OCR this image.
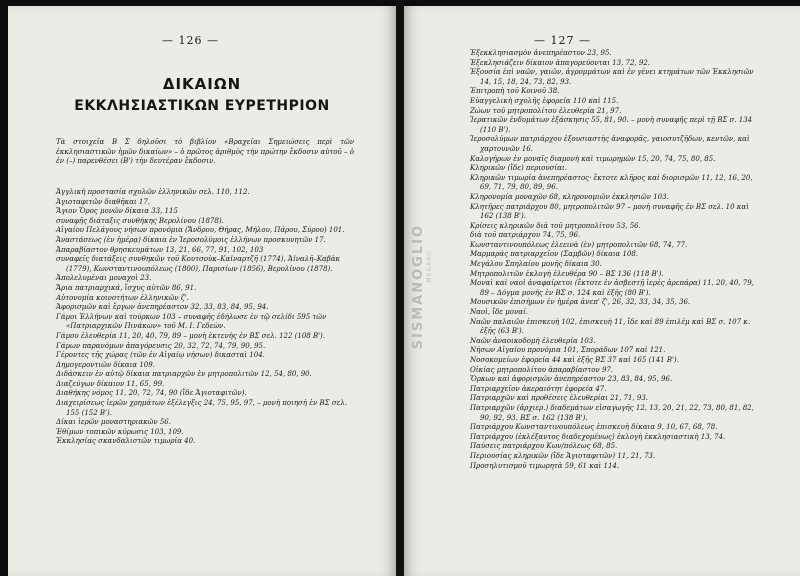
— 126 —
ΔΙΚΑΙΩΝ
ΕΚΚΛΗΣΙΑΣΤΙΚΩΝ ΕΥΡΕΤΗΡΙΟΝ
Τὰ στοιχεῖα Β Σ δηλοῦσι τὸ βιβλίον «Βραχεῖαι Σημειώσεις περὶ τῶν ἐκκλησιαστικῶν ἡμῶν δικαίων» – ὁ πρῶτος ἀριθμὸς τὴν πρώτην ἔκδοσιν αὐτοῦ – ὁ ἐν (–) παρενθέσει (Β') τὴν δευτέραν ἔκδοσιν.
Ἀγγλικὴ προστασία σχολῶν ἑλληνικῶν σελ. 110, 112.
Ἁγιοταφιτῶν διαθῆκαι 17.
Ἅγιον Ὄρος μονῶν δίκαια 33, 115
συναφῆς διάταξις συνθήκης Βερολίνου (1878).
Αἰγαίου Πελάγους νήσων προνόμια (Ἄνδρου, Θήρας, Μήλου, Πάρου, Σύρου) 101.
Ἀναστάσεως (ἐν ἡμέρᾳ) δίκαια ἐν Ἱεροσολύμοις ἑλλήνων προσκυνητῶν 17.
Ἀπαραβίαστον θρησκευμάτων 13, 21, 66, 77, 91, 102, 103
συναφεῖς διατάξεις συνθηκῶν τοῦ Κουτσοὺκ–Καϊναρτζῆ (1774), Ἀϊναλῆ–Καβὰκ (1779), Κωνσταντινουπόλεως (1800), Παρισίων (1856), Βερολίνου (1878).
Ἀπολελυμέναι μοναχοὶ 23.
Ἄρια πατριαρχικά, ἴσχυς αὐτῶν 86, 91.
Αὐτονομία κοινοτήτων ἑλληνικῶν ζ'.
Ἀφορισμῶν καὶ ἔργων ἀνεπηρέαστον 32, 33, 83, 84, 95, 94.
Γάμοι Ἑλλήνων καὶ τούρκων 103 – συναφῆς ἐδήλωσε ἐν τῷ σελίδι 595 τῶν «Πατριαρχικῶν Πινάκων» τοῦ Μ. Ι. Γεδεὼν.
Γάμου ἐλευθερία 11, 20, 40, 79, 89 – μονὴ ἐκτενὴς ἐν ΒΣ σελ. 122 (108 Β').
Γάμων παρανόμων ἀπαγόρευσις 20, 32, 72, 74, 79, 90, 95.
Γέροντες τῆς χώρας (τῶν ἐν Αἰγαίῳ νήσων) δικασταὶ 104.
Δημογεροντιῶν δίκαια 109.
Διδάσκειν ἐν αὐτῷ δίκαια πατριαρχῶν ἐν μητροπολιτῶν 12, 54, 80, 90.
Διαζεύγων δίκαιον 11, 65, 99.
Διαθήκης νόμος 11, 20, 72, 74, 90 (ἴδε Ἁγιοταφιτῶν).
Διαχειρίσεως ἱερῶν χρημάτων ἐξέλεγξις 24, 75, 95, 97, – μονὴ ποιησὴ ἐν ΒΣ σελ. 155 (152 Β').
Δίκαι ἱερῶν μοναστηριακῶν 56.
Ἐθίμων τοπικῶν κύρωσις 103, 109.
Ἐκκλησίας σκανδαλιστῶν τιμωρία 40.
SISMANOGLIO MEGARO
— 127 —
Ἐξεκκλησιασμὸν ἀνεπηρέαστον 23, 95.
Ἐξεκλησιάζειν δίκαιον ἀπαγορεύονται 13, 72, 92.
Ἐξουσία ἐπὶ ναῶν, γαιῶν, ἀγρομμάτων καὶ ἐν γένει κτημάτων τῶν Ἐκκλησιῶν 14, 15, 18, 24, 73, 82, 93.
Ἐπιτροπὴ τοῦ Κοινοῦ 38.
Εὐαγγελικὴ σχολῆς ἐφορεία 110 καὶ 115.
Ζώων τοῦ μητροπολίτου ἐλευθερία 21, 97.
Ἱερατικῶν ἐνδυμάτων ἐξάσκησις 55, 81, 90. – μονὴ συναφῆς περὶ τῇ ΒΣ σ. 134 (110 Β').
Ἱεροσολύμων πατριάρχου ἐξουσιαστὴς ἀναφορᾶς, γαιοσυτζῆδων, κεντῶν, καὶ χαρτουνῶν 16.
Καλογήρων ἐν μοναῖς διαμονὴ καὶ τιμωρημῶν 15, 20, 74, 75, 80, 85.
Κληρικῶν (ἴδε) περιουσίαι.
Κληρικῶν τιμωρία ἀνεπηρέαστος· ἔκτοτε κλῆρος καὶ διορισμῶν 11, 12, 16, 20, 69, 71, 79, 80, 89, 96.
Κληρονομία μοναχῶν 68, κληρονομιῶν ἐκκλησιῶν 103.
Κλητῆρες πατριάρχου 80, μητροπολιτῶν 97 – μονὴ συναφῆς ἐν ΒΣ σελ. 10 καὶ 162 (138 Β').
Κρίσεις κληρικῶν διὰ τοῦ μητροπολίτου 53, 56.
διὰ τοῦ πατριάρχου 74, 75, 96.
Κωνσταντινουπόλεως ἐλεεινὰ (ἐν) μητροπολιτῶν 68, 74, 77.
Μαρμαράς πατριαρχεῖον (Σαμβῶν) δίκαια 108.
Μεγάλου Σπηλαίου μονῆς δίκαια 30.
Μητροπολιτῶν ἐκλογὴ ἐλευθέρα 90 – ΒΣ 136 (118 Β').
Μοναὶ καὶ ναοὶ ἀναφαίρετοι (ἔκτοτε ἐν ἀσβεστῇ ἱερὲς ἀρεπάρα) 11, 20, 40, 79, 89 – Δόγμα μονὴς ἐν ΒΣ σ. 124 καὶ ἐξῆς (80 Β').
Μουσικῶν ἐπισήμων ἐν ἡμέρα ἀνεπ' ζ', 26, 32, 33, 34, 35, 36.
Ναοὶ, ἴδε μοναί.
Ναῶν παλαιῶν ἐπισκευὴ 102, ἐπισκευὴ 11, ἴδε καὶ 89 ἐπιλέμ καὶ ΒΣ σ. 107 κ. ἐξῆς (63 Β').
Ναῶν ἀναοικοδομὴ ἐλευθερία 103.
Νήσων Αἰγαίου προνόμια 101, Σποράδων 107 καὶ 121.
Νοσοκομείων ἐφορεία 44 καὶ ἐξῆς ΒΣ 37 καὶ 165 (141 Β').
Οἰκίας μητροπολίτου ἀπαραβίαστον 97.
Ὅρκων καὶ ἀφορισμῶν ἀνεπηρέαστον 23, 83, 84, 95, 96.
Πατριαρχεῖον ἀκεραιότητ ἐφορεία 47.
Πατριαρχῶν καὶ προθέσεις ἐλευθερίαι 21, 71, 93.
Πατριαρχῶν (ἀρχιερ.) διαδεμάτων εἰσαγωγῆς 12, 13, 20, 21, 22, 73, 80, 81, 82, 90, 92, 93. ΒΣ σ. 162 (138 Β').
Πατριάρχου Κωνσταντινουπόλεως ἐπισκευὴ δίκαια 9, 10, 67, 68, 78.
Πατριάρχου (ἐκλέξαντος διαδεχομένως) ἐκλογὴ ἐκκλησιαστικὴ 13, 74.
Παύσεις πατριάρχου Κων/πόλεως 68, 85.
Περιουσίας κληρικῶν (ἴδε Ἁγιοταφιτῶν) 11, 21, 73.
Προσηλυτισμοῦ τιμωρητὰ 59, 61 καὶ 114.
